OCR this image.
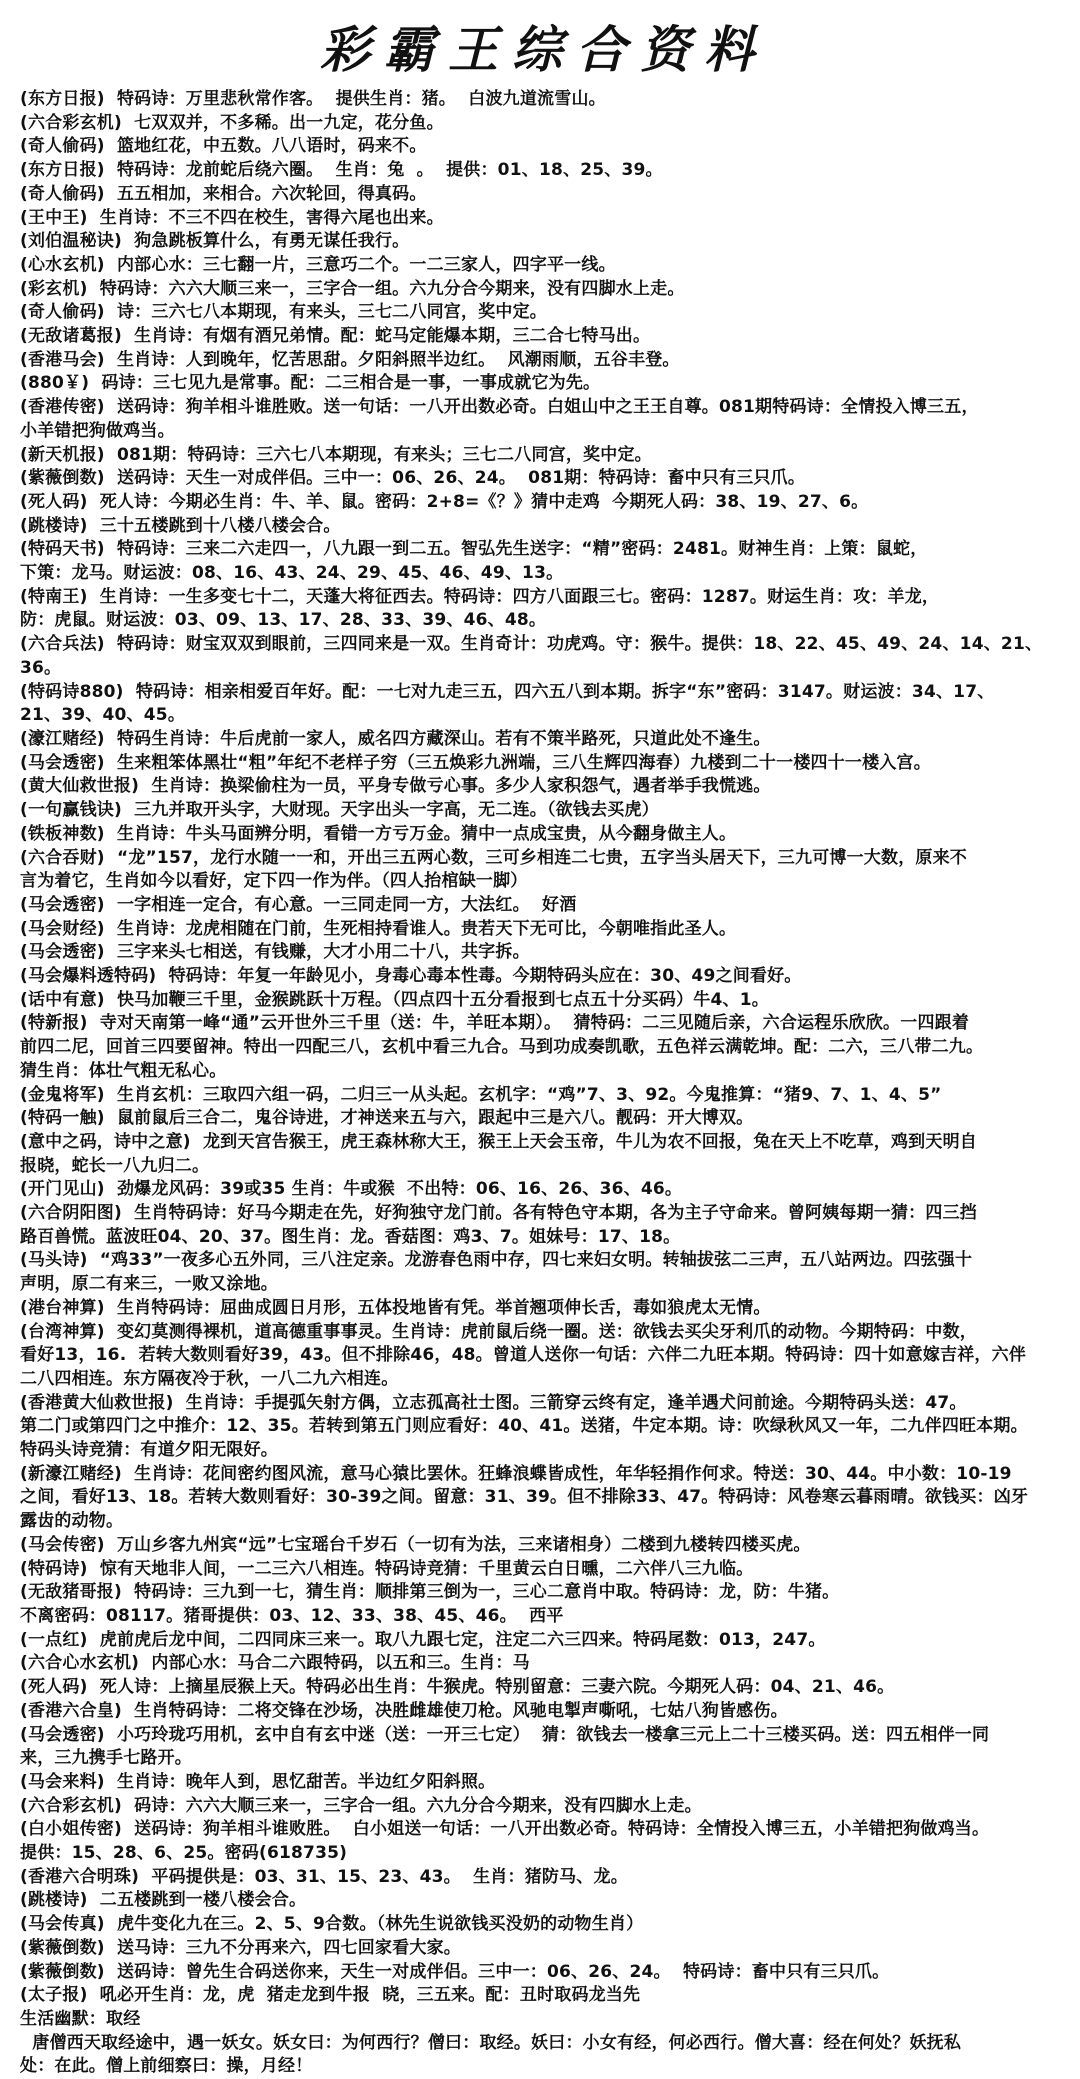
彩霸王综合资料
(东方日报)  特码诗：万里悲秋常作客。  提供生肖：猪。  白波九道流雪山。
(六合彩玄机)  七双双并，不多稀。出一九定，花分鱼。
(奇人偷码)  篮地红花，中五数。八八语时，码来不。
(东方日报)  特码诗：龙前蛇后绕六圈。  生肖：兔  。  提供：01、18、25、39。
(奇人偷码)  五五相加，来相合。六次轮回，得真码。
(王中王)  生肖诗：不三不四在校生，害得六尾也出来。
(刘伯温秘诀)  狗急跳板算什么，有勇无谋任我行。
(心水玄机)  内部心水：三七翻一片，三意巧二个。一二三家人，四字平一线。
(彩玄机)  特码诗：六六大顺三来一，三字合一组。六九分合今期来，没有四脚水上走。
(奇人偷码)  诗：三六七八本期现，有来头，三七二八同宫，奖中定。
(无敌诸葛报)  生肖诗：有烟有酒兄弟情。配：蛇马定能爆本期，三二合七特马出。
(香港马会)  生肖诗：人到晚年，忆苦思甜。夕阳斜照半边红。  风潮雨顺，五谷丰登。
(880￥)  码诗：三七见九是常事。配：二三相合是一事，一事成就它为先。
(香港传密)  送码诗：狗羊相斗谁胜败。送一句话：一八开出数必奇。白姐山中之王王自尊。081期特码诗：全情投入博三五，
小羊错把狗做鸡当。
(新天机报)  081期：特码诗：三六七八本期现，有来头；三七二八同宫，奖中定。
(紫薇倒数)  送码诗：天生一对成伴侣。三中一：06、26、24。  081期：特码诗：畜中只有三只爪。
(死人码)  死人诗：今期必生肖：牛、羊、鼠。密码：2+8=《？》猜中走鸡  今期死人码：38、19、27、6。
(跳楼诗)  三十五楼跳到十八楼八楼会合。
(特码天书)  特码诗：三来二六走四一，八九跟一到二五。智弘先生送字：“精”密码：2481。财神生肖：上策：鼠蛇，
下策：龙马。财运波：08、16、43、24、29、45、46、49、13。
(特南王)  生肖诗：一生多变七十二，天蓬大将征西去。特码诗：四方八面跟三七。密码：1287。财运生肖：攻：羊龙，
防：虎鼠。财运波：03、09、13、17、28、33、39、46、48。
(六合兵法)  特码诗：财宝双双到眼前，三四同来是一双。生肖奇计：功虎鸡。守：猴牛。提供：18、22、45、49、24、14、21、
36。
(特码诗880)  特码诗：相亲相爱百年好。配：一七对九走三五，四六五八到本期。拆字“东”密码：3147。财运波：34、17、
21、39、40、45。
(濠江赌经)  特码生肖诗：牛后虎前一家人，威名四方藏深山。若有不策半路死，只道此处不逢生。
(马会透密)  生来粗笨体黑壮“粗”年纪不老样子穷（三五焕彩九洲端，三八生辉四海春）九楼到二十一楼四十一楼入宫。
(黄大仙救世报)  生肖诗：换梁偷柱为一员，平身专做亏心事。多少人家积怨气，遇者举手我慌逃。
(一句赢钱诀)  三九并取开头字，大财现。天字出头一字高，无二连。（欲钱去买虎）
(铁板神数)  生肖诗：牛头马面辨分明，看错一方亏万金。猜中一点成宝贵，从今翻身做主人。
(六合吞财)  “龙”157，龙行水随一一和，开出三五两心数，三可乡相连二七贵，五字当头居天下，三九可博一大数，原来不
言为着它，生肖如今以看好，定下四一作为伴。（四人抬棺缺一脚）
(马会透密)  一字相连一定合，有心意。一三同走同一方，大法红。  好酒
(马会财经)  生肖诗：龙虎相随在门前，生死相持看谁人。贵若天下无可比，今朝唯指此圣人。
(马会透密)  三字来头七相送，有钱赚，大才小用二十八，共字拆。
(马会爆料透特码)  特码诗：年复一年龄见小，身毒心毒本性毒。今期特码头应在：30、49之间看好。
(话中有意)  快马加鞭三千里，金猴跳跃十万程。（四点四十五分看报到七点五十分买码）牛4、1。
(特新报)  寺对天南第一峰“通”云开世外三千里（送：牛，羊旺本期）。  猜特码：二三见随后亲，六合运程乐欣欣。一四跟着
前四二尼，回首三四要留神。特出一四配三八，玄机中看三九合。马到功成奏凯歌，五色祥云满乾坤。配：二六，三八带二九。
猜生肖：体壮气粗无私心。
(金鬼将军)  生肖玄机：三取四六组一码，二归三一从头起。玄机字：“鸡”7、3、92。今鬼推算：“猪9、7、1、4、5”
(特码一触)  鼠前鼠后三合二，鬼谷诗进，才神送来五与六，跟起中三是六八。靓码：开大博双。
(意中之码，诗中之意)  龙到天宫告猴王，虎王森林称大王，猴王上天会玉帝，牛儿为农不回报，兔在天上不吃草，鸡到天明自
报晓，蛇长一八九归二。
(开门见山)  劲爆龙风码：39或35 生肖：牛或猴  不出特：06、16、26、36、46。
(六合阴阳图)  生肖特码诗：好马今期走在先，好狗独守龙门前。各有特色守本期，各为主子守命来。曾阿姨每期一猜：四三挡
路百兽慌。蓝波旺04、20、37。图生肖：龙。香菇图：鸡3、7。姐妹号：17、18。
(马头诗)  “鸡33”一夜多心五外同，三八注定亲。龙游春色雨中存，四七来妇女明。转轴拔弦二三声，五八站两边。四弦强十
声明，原二有来三，一败又涂地。
(港台神算)  生肖特码诗：屈曲成圆日月形，五体投地皆有凭。举首翘项伸长舌，毒如狼虎太无情。
(台湾神算)  变幻莫测得裸机，道高德重事事灵。生肖诗：虎前鼠后绕一圈。送：欲钱去买尖牙利爪的动物。今期特码：中数，
看好13，16.  若转大数则看好39，43。但不排除46，48。曾道人送你一句话：六伴二九旺本期。特码诗：四十如意嫁吉祥，六伴
二八四相连。东方隔夜冷于秋，一八二九六相连。
(香港黄大仙救世报)  生肖诗：手提弧矢射方偶，立志孤高社士图。三箭穿云终有定，逢羊遇犬问前途。今期特码头送：47。
第二门或第四门之中推介：12、35。若转到第五门则应看好：40、41。送猪，牛定本期。诗：吹绿秋风又一年，二九伴四旺本期。
特码头诗竞猜：有道夕阳无限好。
(新濠江赌经)  生肖诗：花间密约图风流，意马心猿比罢休。狂蜂浪蝶皆成性，年华轻捐作何求。特送：30、44。中小数：10-19
之间，看好13、18。若转大数则看好：30-39之间。留意：31、39。但不排除33、47。特码诗：风卷寒云暮雨晴。欲钱买：凶牙
露齿的动物。
(马会传密)  万山乡客九州宾“远”七宝瑶台千岁石（一切有为法，三来诸相身）二楼到九楼转四楼买虎。
(特码诗)  惊有天地非人间，一二三六八相连。特码诗竞猜：千里黄云白日曛，二六伴八三九临。
(无敌猪哥报)  特码诗：三九到一七，猜生肖：顺排第三倒为一，三心二意肖中取。特码诗：龙，防：牛猪。
不离密码：08117。猪哥提供：03、12、33、38、45、46。  西平
(一点红)  虎前虎后龙中间，二四同床三来一。取八九跟七定，注定二六三四来。特码尾数：013，247。
(六合心水玄机)  内部心水：马合二六跟特码，以五和三。生肖：马
(死人码)  死人诗：上摘星辰猴上天。特码必出生肖：牛猴虎。特别留意：三妻六院。今期死人码：04、21、46。
(香港六合皇)  生肖特码诗：二将交锋在沙场，决胜雌雄使刀枪。风驰电掣声嘶吼，七姑八狗皆感伤。
(马会透密)  小巧玲珑巧用机，玄中自有玄中迷（送：一开三七定）  猜：欲钱去一楼拿三元上二十三楼买码。送：四五相伴一同
来，三九携手七路开。
(马会来料)  生肖诗：晚年人到，思忆甜苦。半边红夕阳斜照。
(六合彩玄机)  码诗：六六大顺三来一，三字合一组。六九分合今期来，没有四脚水上走。
(白小姐传密)  送码诗：狗羊相斗谁败胜。  白小姐送一句话：一八开出数必奇。特码诗：全情投入博三五，小羊错把狗做鸡当。
提供：15、28、6、25。密码(618735)
(香港六合明珠)  平码提供是：03、31、15、23、43。  生肖：猪防马、龙。
(跳楼诗)  二五楼跳到一楼八楼会合。
(马会传真)  虎牛变化九在三。2、5、9合数。（林先生说欲钱买没奶的动物生肖）
(紫薇倒数)  送马诗：三九不分再来六，四七回家看大家。
(紫薇倒数)  送码诗：曾先生合码送你来，天生一对成伴侣。三中一：06、26、24。  特码诗：畜中只有三只爪。
(太子报)  吼必开生肖：龙，虎  猪走龙到牛报  晓，三五来。配：丑时取码龙当先
生活幽默：取经
唐僧西天取经途中，遇一妖女。妖女曰：为何西行？僧曰：取经。妖曰：小女有经，何必西行。僧大喜：经在何处？妖抚私
处：在此。僧上前细察曰：操，月经！
